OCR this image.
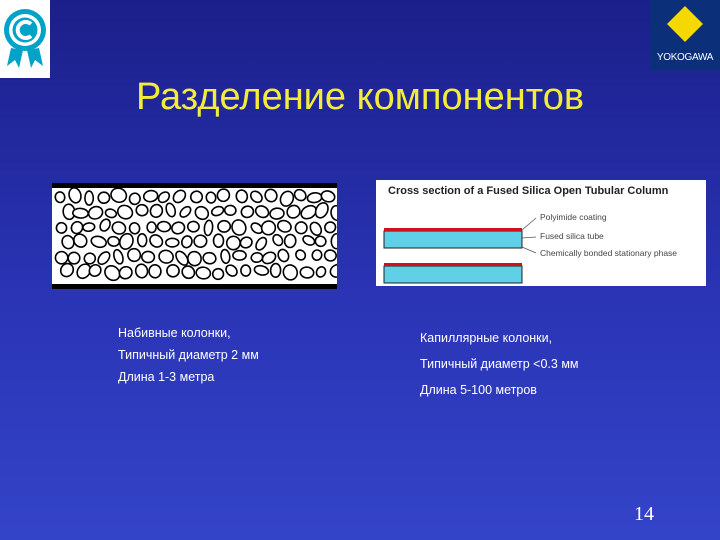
YOKOGAWA
Разделение компонентов
Cross section of a Fused Silica Open Tubular Column
Polyimide coating
Fused silica tube
Chemically bonded stationary phase
Набивные колонки,
Типичный диаметр 2 мм
Длина 1-3 метра
Капиллярные колонки,
Типичный диаметр <0.3 мм
Длина 5-100 метров
14
